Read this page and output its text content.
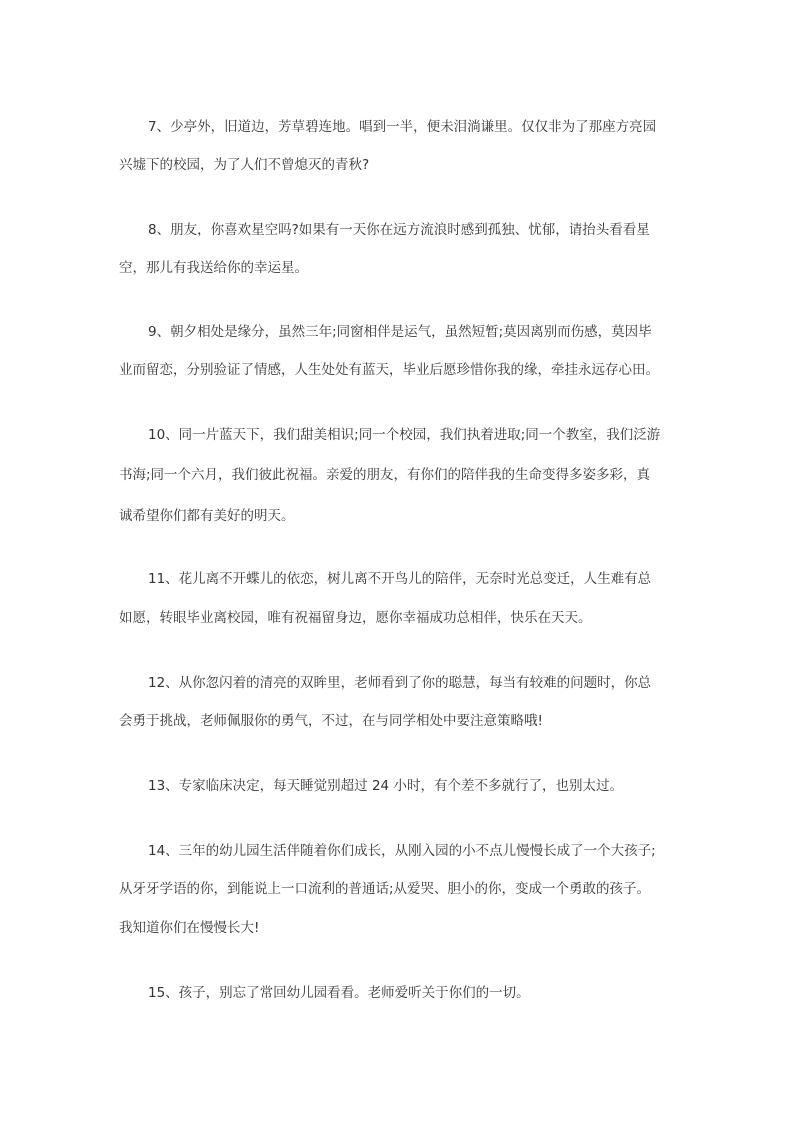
7、少亭外，旧道边，芳草碧连地。唱到一半，便未泪淌谦里。仅仅非为了那座方亮园
兴墟下的校园，为了人们不曾熄灭的青秋?
8、朋友，你喜欢星空吗?如果有一天你在远方流浪时感到孤独、忧郁，请抬头看看星
空，那儿有我送给你的幸运星。
9、朝夕相处是缘分，虽然三年;同窗相伴是运气，虽然短暂;莫因离别而伤感，莫因毕
业而留恋，分别验证了情感，人生处处有蓝天，毕业后愿珍惜你我的缘，牵挂永远存心田。
10、同一片蓝天下，我们甜美相识;同一个校园，我们执着进取;同一个教室，我们泛游
书海;同一个六月，我们彼此祝福。亲爱的朋友，有你们的陪伴我的生命变得多姿多彩，真
诚希望你们都有美好的明天。
11、花儿离不开蝶儿的依恋，树儿离不开鸟儿的陪伴，无奈时光总变迁，人生难有总
如愿，转眼毕业离校园，唯有祝福留身边，愿你幸福成功总相伴，快乐在天天。
12、从你忽闪着的清亮的双眸里，老师看到了你的聪慧，每当有较难的问题时，你总
会勇于挑战，老师佩服你的勇气，不过，在与同学相处中要注意策略哦!
13、专家临床决定，每天睡觉别超过 24 小时，有个差不多就行了，也别太过。
14、三年的幼儿园生活伴随着你们成长，从刚入园的小不点儿慢慢长成了一个大孩子;
从牙牙学语的你，到能说上一口流利的普通话;从爱哭、胆小的你，变成一个勇敢的孩子。
我知道你们在慢慢长大!
15、孩子，别忘了常回幼儿园看看。老师爱听关于你们的一切。
